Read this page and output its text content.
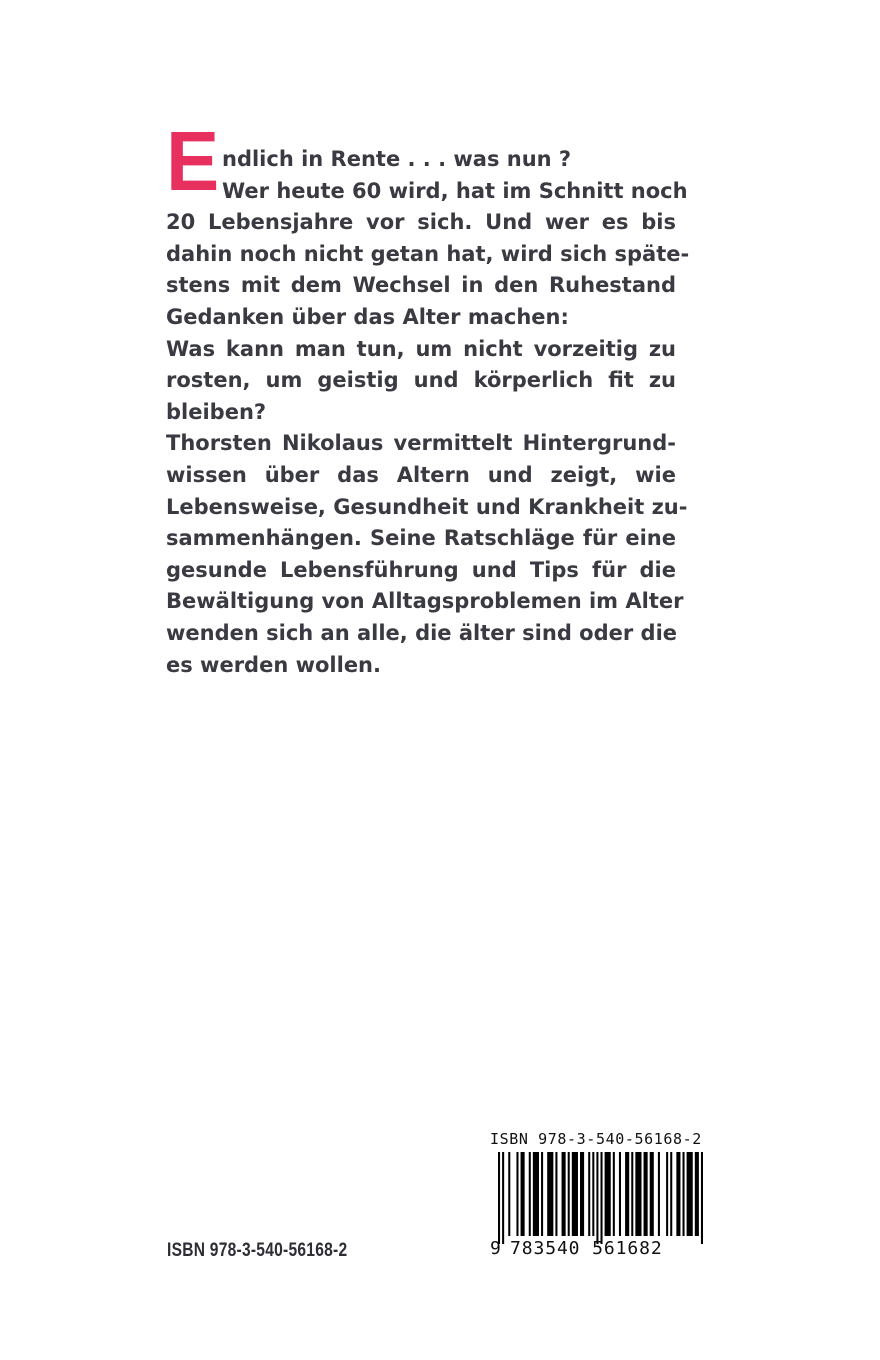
E ndlich in Rente . . . was nun ?
Wer heute 60 wird, hat im Schnitt noch
20 Lebensjahre vor sich. Und wer es bis
dahin noch nicht getan hat, wird sich späte-
stens mit dem Wechsel in den Ruhestand
Gedanken über das Alter machen:
Was kann man tun, um nicht vorzeitig zu
rosten, um geistig und körperlich fit zu
bleiben?
Thorsten Nikolaus vermittelt Hintergrund-
wissen über das Altern und zeigt, wie
Lebensweise, Gesundheit und Krankheit zu-
sammenhängen. Seine Ratschläge für eine
gesunde Lebensführung und Tips für die
Bewältigung von Alltagsproblemen im Alter
wenden sich an alle, die älter sind oder die
es werden wollen.
ISBN 978-3-540-56168-2
ISBN 978-3-540-56168-2
9 783540 561682
